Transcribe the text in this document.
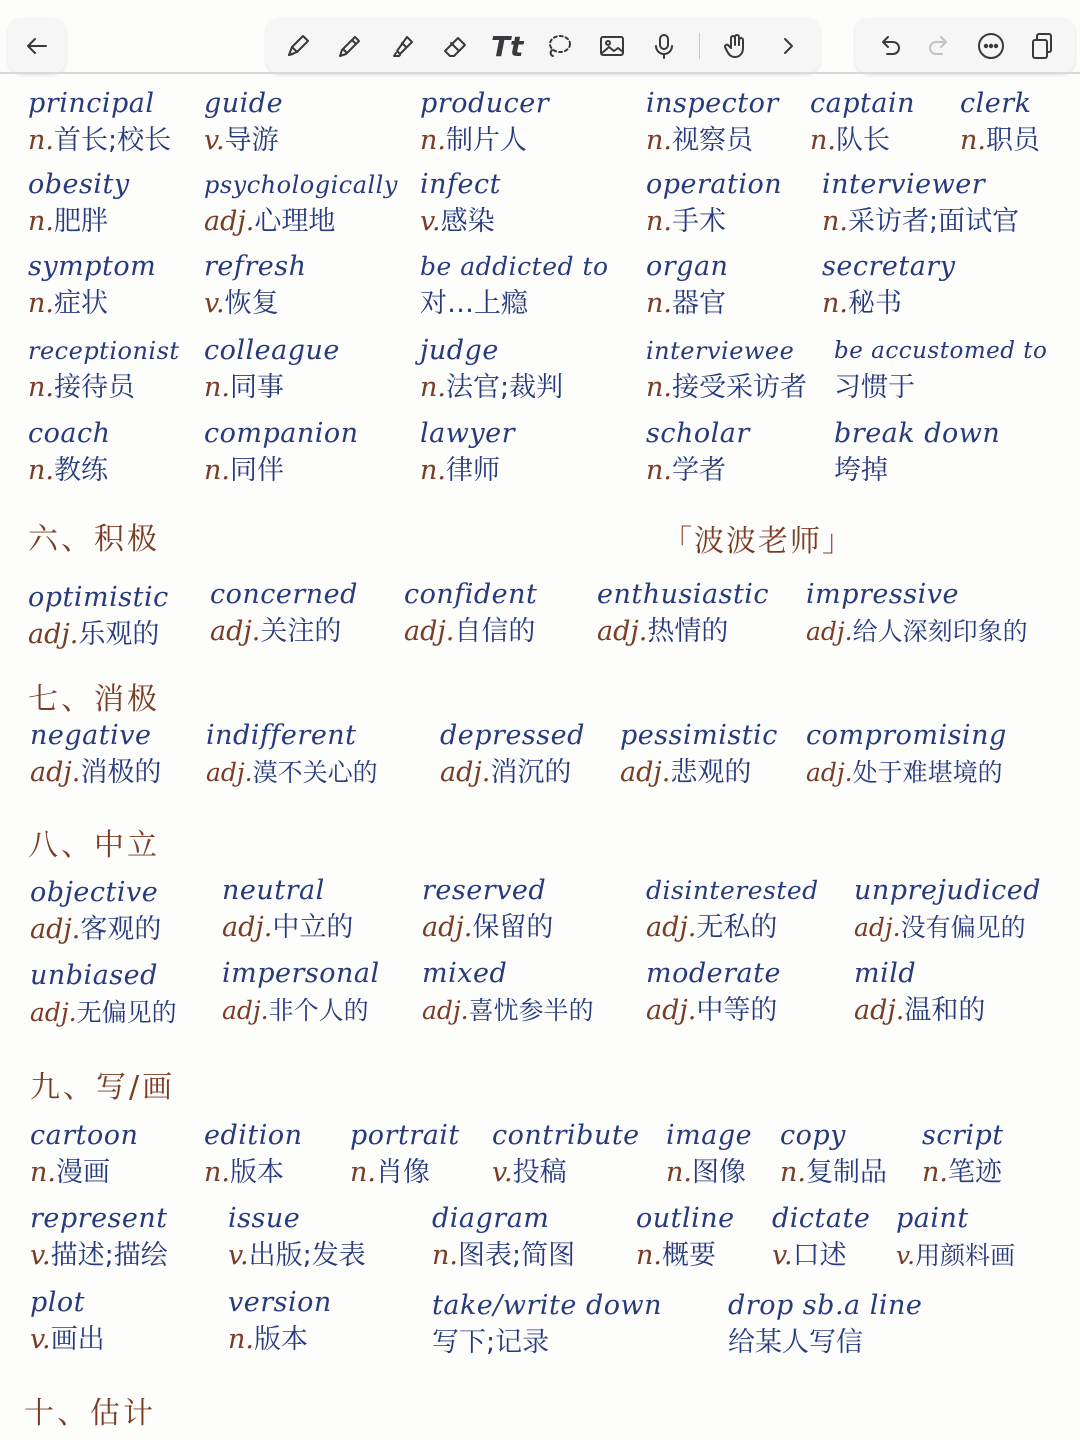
Tt
principal
n.首长;校长
guide
v.导游
producer
n.制片人
inspector
n.视察员
captain
n.队长
clerk
n.职员
obesity
n.肥胖
psychologically
adj.心理地
infect
v.感染
operation
n.手术
interviewer
n.采访者;面试官
symptom
n.症状
refresh
v.恢复
be addicted to
对…上瘾
organ
n.器官
secretary
n.秘书
receptionist
n.接待员
colleague
n.同事
judge
n.法官;裁判
interviewee
n.接受采访者
be accustomed to
习惯于
coach
n.教练
companion
n.同伴
lawyer
n.律师
scholar
n.学者
break down
垮掉
六、积极	「波波老师」
optimistic
adj.乐观的
concerned
adj.关注的
confident
adj.自信的
enthusiastic
adj.热情的
impressive
adj.给人深刻印象的
七、消极
negative
adj.消极的
indifferent
adj.漠不关心的
depressed
adj.消沉的
pessimistic
adj.悲观的
compromising
adj.处于难堪境的
八、中立
objective
adj.客观的
neutral
adj.中立的
reserved
adj.保留的
disinterested
adj.无私的
unprejudiced
adj.没有偏见的
unbiased
adj.无偏见的
impersonal
adj.非个人的
mixed
adj.喜忧参半的
moderate
adj.中等的
mild
adj.温和的
九、写/画
cartoon
n.漫画
edition
n.版本
portrait
n.肖像
contribute
v.投稿
image
n.图像
copy
n.复制品
script
n.笔迹
represent
v.描述;描绘
issue
v.出版;发表
diagram
n.图表;简图
outline
n.概要
dictate
v.口述
paint
v.用颜料画
plot
v.画出
version
n.版本
take/write down
写下;记录
drop sb.a line
给某人写信
十、估计
